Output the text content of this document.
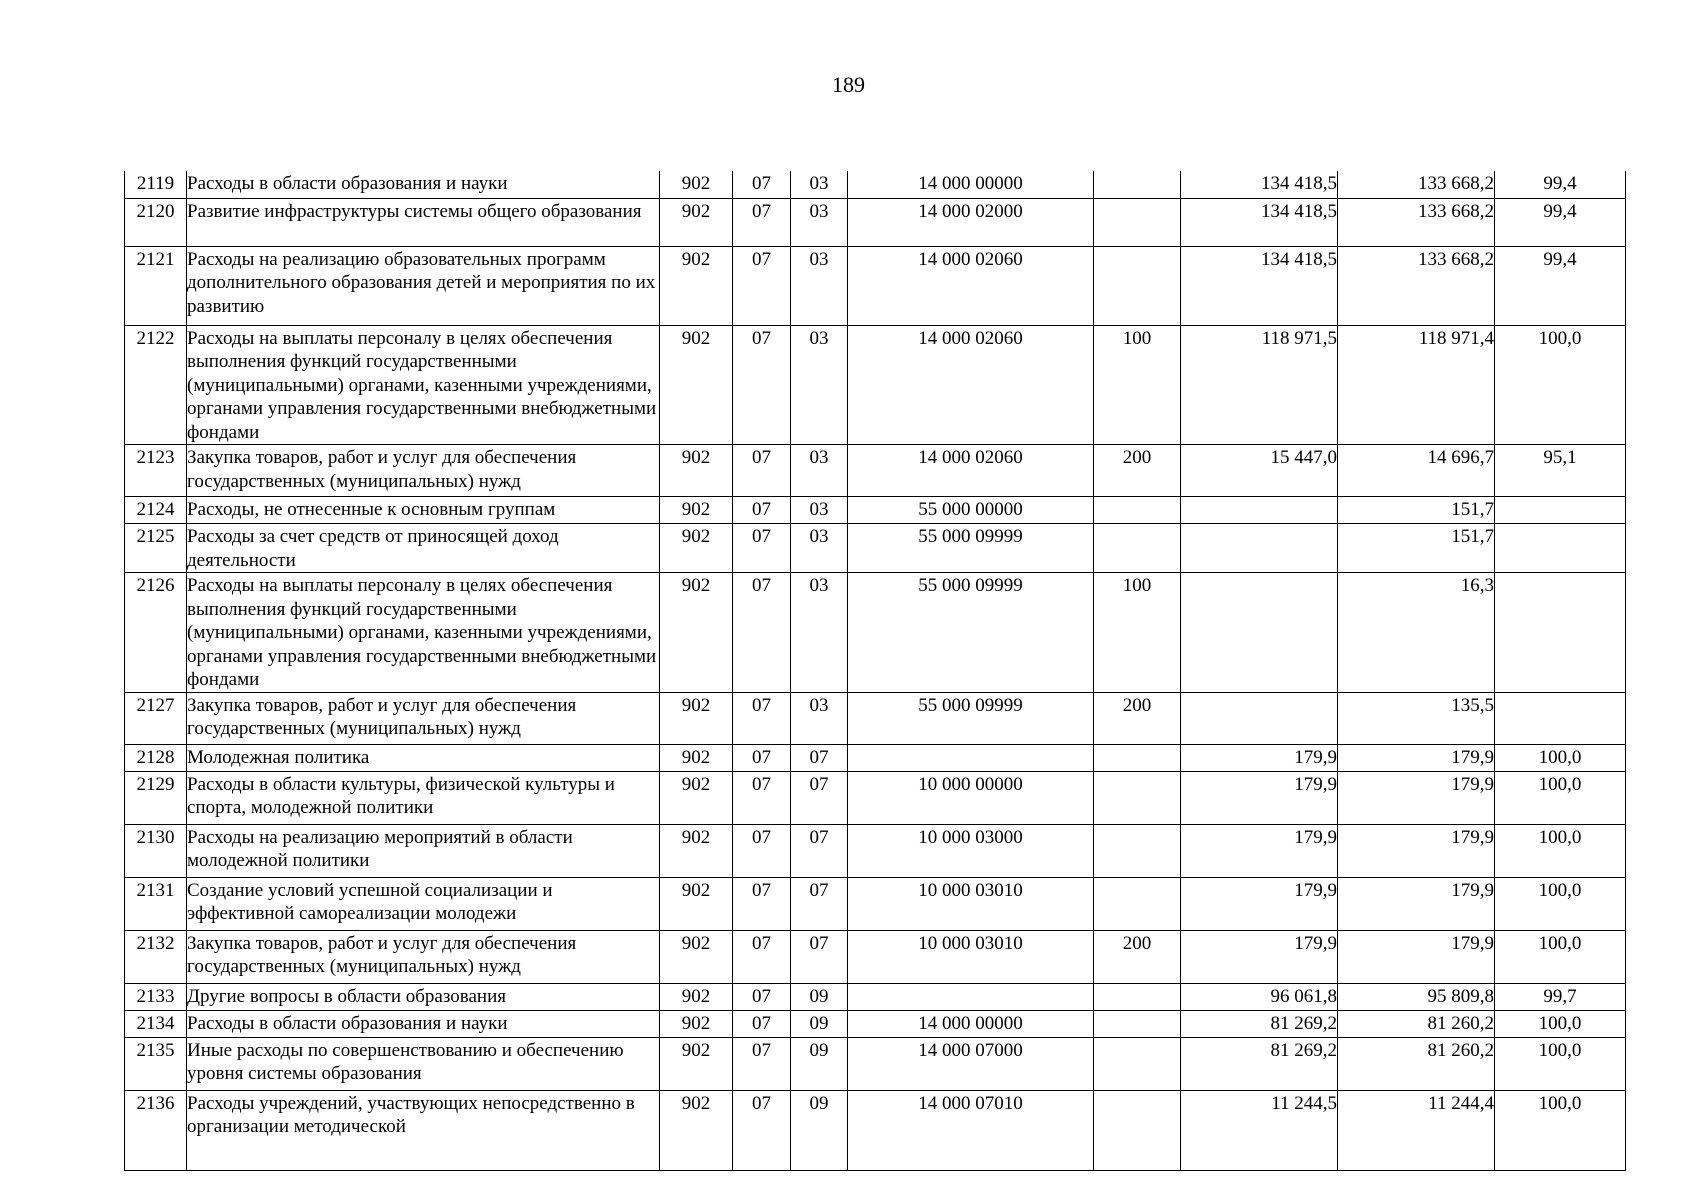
189
2119	Расходы в области образования и науки	902	07	03	14 000 00000		134 418,5	133 668,2	99,4
2120	Развитие инфраструктуры системы общего образования	902	07	03	14 000 02000		134 418,5	133 668,2	99,4
2121	Расходы на реализацию образовательных программ дополнительного образования детей и мероприятия по их развитию	902	07	03	14 000 02060		134 418,5	133 668,2	99,4
2122	Расходы на выплаты персоналу в целях обеспечения выполнения функций государственными (муниципальными) органами, казенными учреждениями, органами управления государственными внебюджетными фондами	902	07	03	14 000 02060	100	118 971,5	118 971,4	100,0
2123	Закупка товаров, работ и услуг для обеспечения государственных (муниципальных) нужд	902	07	03	14 000 02060	200	15 447,0	14 696,7	95,1
2124	Расходы, не отнесенные к основным группам	902	07	03	55 000 00000			151,7	
2125	Расходы за счет средств от приносящей доход деятельности	902	07	03	55 000 09999			151,7	
2126	Расходы на выплаты персоналу в целях обеспечения выполнения функций государственными (муниципальными) органами, казенными учреждениями, органами управления государственными внебюджетными фондами	902	07	03	55 000 09999	100		16,3	
2127	Закупка товаров, работ и услуг для обеспечения государственных (муниципальных) нужд	902	07	03	55 000 09999	200		135,5	
2128	Молодежная политика	902	07	07			179,9	179,9	100,0
2129	Расходы в области культуры, физической культуры и спорта, молодежной политики	902	07	07	10 000 00000		179,9	179,9	100,0
2130	Расходы на реализацию мероприятий в области молодежной политики	902	07	07	10 000 03000		179,9	179,9	100,0
2131	Создание условий успешной социализации и эффективной самореализации молодежи	902	07	07	10 000 03010		179,9	179,9	100,0
2132	Закупка товаров, работ и услуг для обеспечения государственных (муниципальных) нужд	902	07	07	10 000 03010	200	179,9	179,9	100,0
2133	Другие вопросы в области образования	902	07	09			96 061,8	95 809,8	99,7
2134	Расходы в области образования и науки	902	07	09	14 000 00000		81 269,2	81 260,2	100,0
2135	Иные расходы по совершенствованию и обеспечению уровня системы образования	902	07	09	14 000 07000		81 269,2	81 260,2	100,0
2136	Расходы учреждений, участвующих непосредственно в организации методической	902	07	09	14 000 07010		11 244,5	11 244,4	100,0
